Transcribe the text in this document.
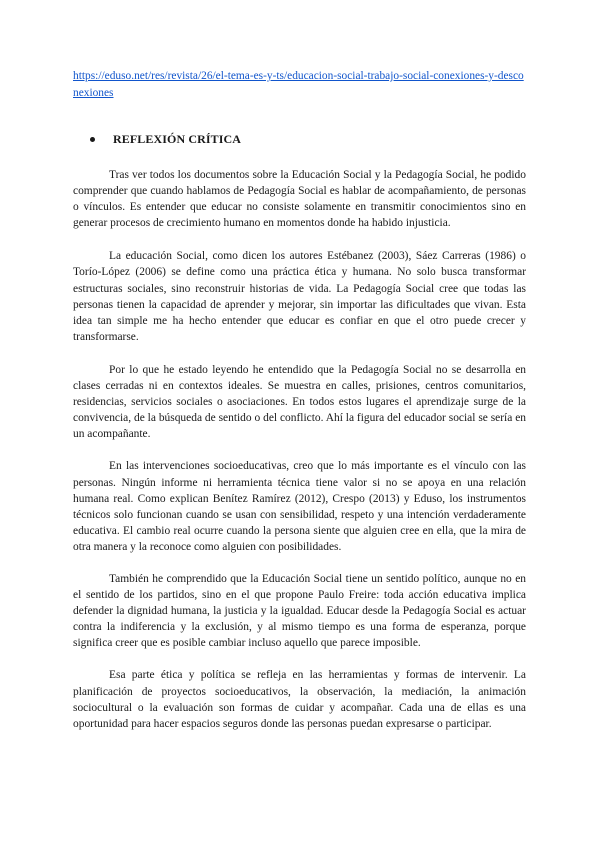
https://eduso.net/res/revista/26/el-tema-es-y-ts/educacion-social-trabajo-social-conexiones-y-desconexiones
REFLEXIÓN CRÍTICA

Tras ver todos los documentos sobre la Educación Social y la Pedagogía Social, he podido comprender que cuando hablamos de Pedagogía Social es hablar de acompañamiento, de personas o vínculos. Es entender que educar no consiste solamente en transmitir conocimientos sino en generar procesos de crecimiento humano en momentos donde ha habido injusticia.

La educación Social, como dicen los autores Estébanez (2003), Sáez Carreras (1986) o Torío-López (2006) se define como una práctica ética y humana. No solo busca transformar estructuras sociales, sino reconstruir historias de vida. La Pedagogía Social cree que todas las personas tienen la capacidad de aprender y mejorar, sin importar las dificultades que vivan. Esta idea tan simple me ha hecho entender que educar es confiar en que el otro puede crecer y transformarse.

Por lo que he estado leyendo he entendido que la Pedagogía Social no se desarrolla en clases cerradas ni en contextos ideales. Se muestra en calles, prisiones, centros comunitarios, residencias, servicios sociales o asociaciones. En todos estos lugares el aprendizaje surge de la convivencia, de la búsqueda de sentido o del conflicto. Ahí la figura del educador social se sería en un acompañante.

En las intervenciones socioeducativas, creo que lo más importante es el vínculo con las personas. Ningún informe ni herramienta técnica tiene valor si no se apoya en una relación humana real. Como explican Benítez Ramírez (2012), Crespo (2013) y Eduso, los instrumentos técnicos solo funcionan cuando se usan con sensibilidad, respeto y una intención verdaderamente educativa. El cambio real ocurre cuando la persona siente que alguien cree en ella, que la mira de otra manera y la reconoce como alguien con posibilidades.

También he comprendido que la Educación Social tiene un sentido político, aunque no en el sentido de los partidos, sino en el que propone Paulo Freire: toda acción educativa implica defender la dignidad humana, la justicia y la igualdad. Educar desde la Pedagogía Social es actuar contra la indiferencia y la exclusión, y al mismo tiempo es una forma de esperanza, porque significa creer que es posible cambiar incluso aquello que parece imposible.

Esa parte ética y política se refleja en las herramientas y formas de intervenir. La planificación de proyectos socioeducativos, la observación, la mediación, la animación sociocultural o la evaluación son formas de cuidar y acompañar. Cada una de ellas es una oportunidad para hacer espacios seguros donde las personas puedan expresarse o participar.
